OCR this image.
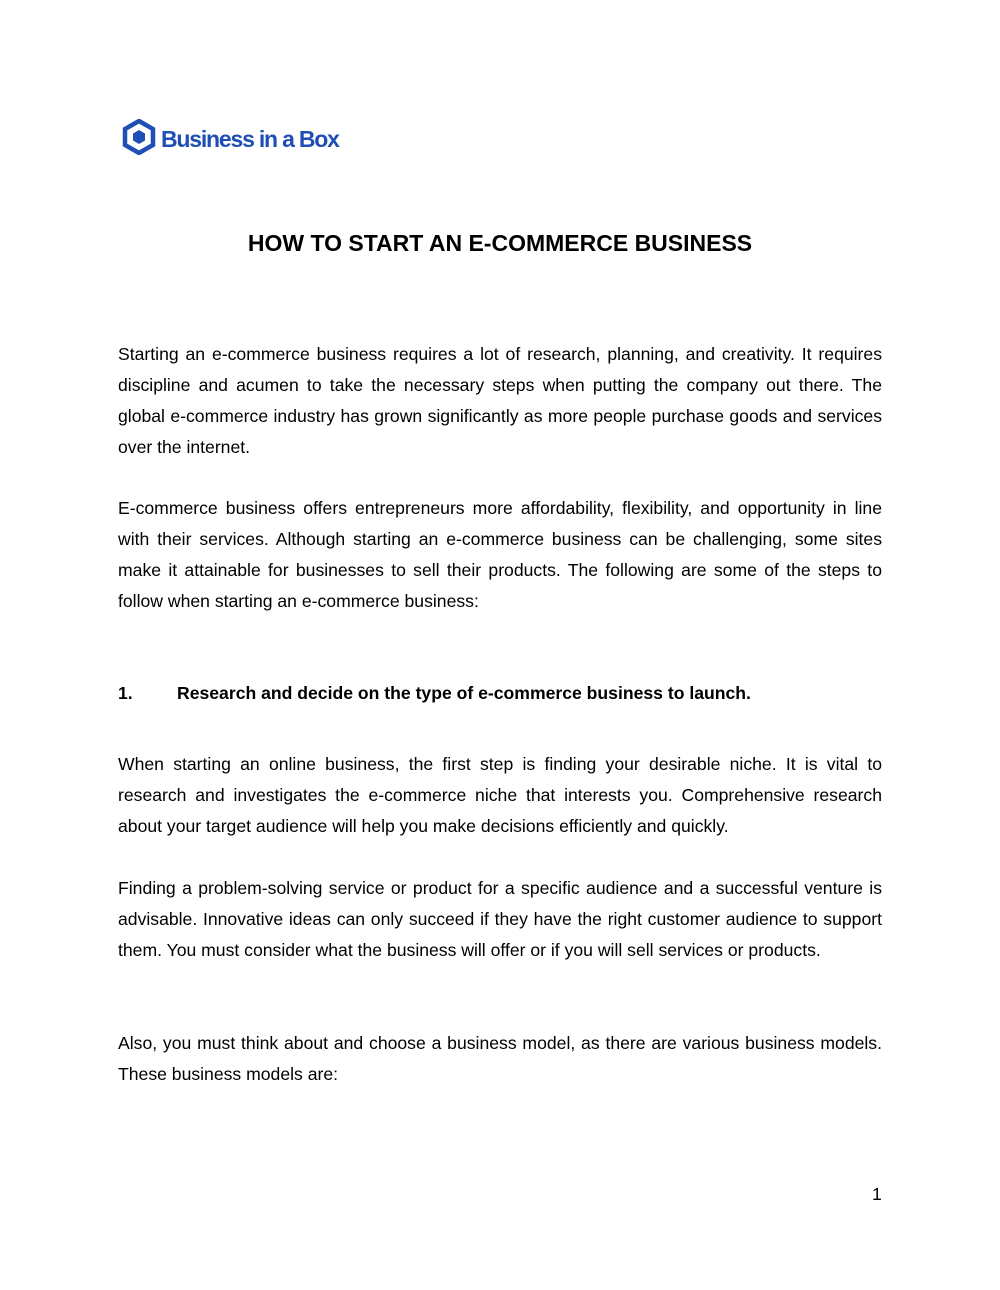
Business in a Box
HOW TO START AN E-COMMERCE BUSINESS

Starting an e-commerce business requires a lot of research, planning, and creativity. It requires discipline and acumen to take the necessary steps when putting the company out there. The global e-commerce industry has grown significantly as more people purchase goods and services over the internet.

E-commerce business offers entrepreneurs more affordability, flexibility, and opportunity in line with their services. Although starting an e-commerce business can be challenging, some sites make it attainable for businesses to sell their products. The following are some of the steps to follow when starting an e-commerce business:

1.	Research and decide on the type of e-commerce business to launch.

When starting an online business, the first step is finding your desirable niche. It is vital to research and investigates the e-commerce niche that interests you. Comprehensive research about your target audience will help you make decisions efficiently and quickly.

Finding a problem-solving service or product for a specific audience and a successful venture is advisable. Innovative ideas can only succeed if they have the right customer audience to support them. You must consider what the business will offer or if you will sell services or products.

Also, you must think about and choose a business model, as there are various business models. These business models are:

1
